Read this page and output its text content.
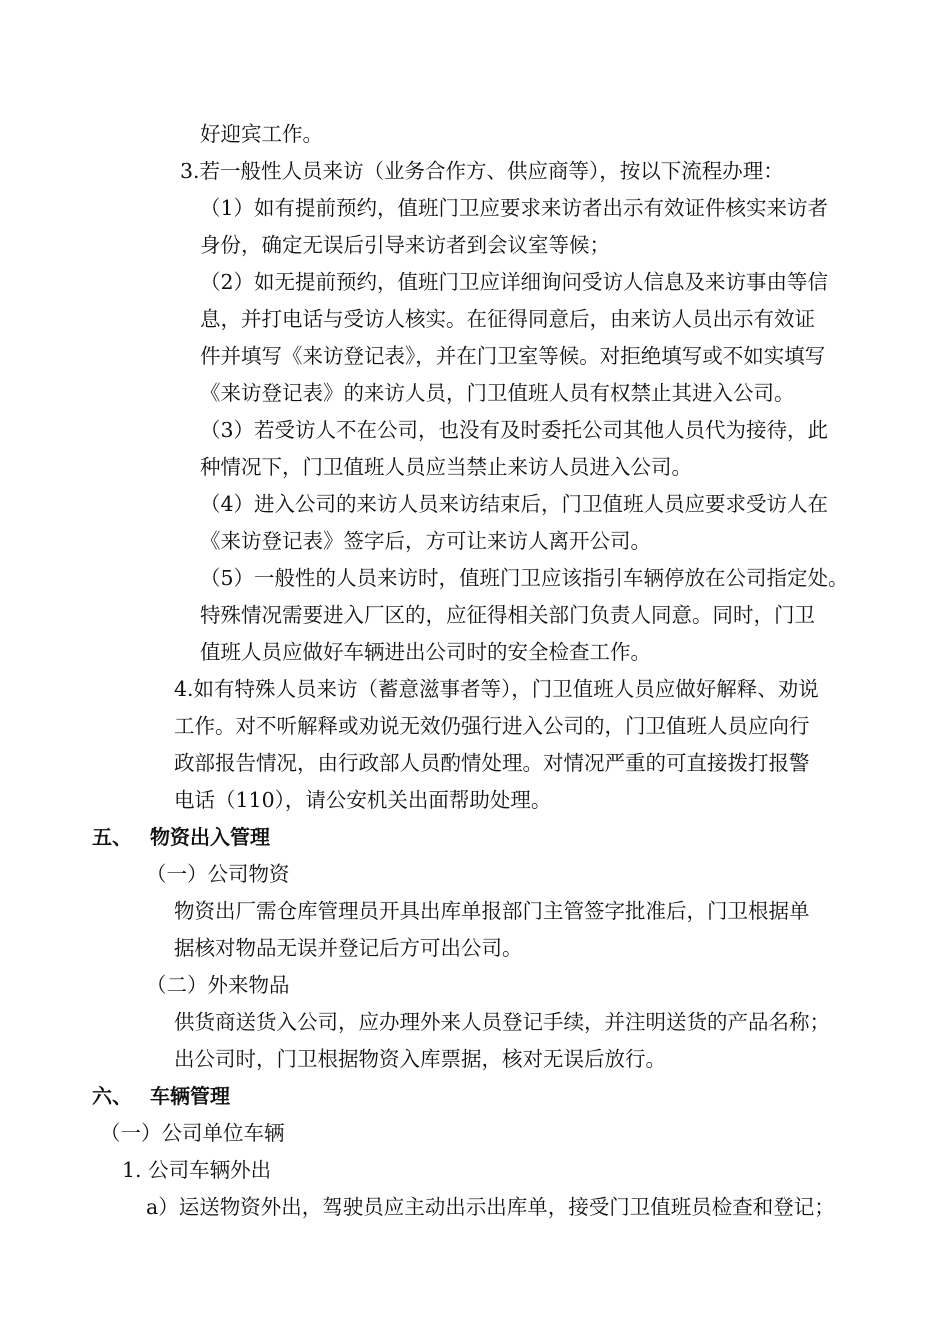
好迎宾工作。
3.若一般性人员来访（业务合作方、供应商等），按以下流程办理：
（1）如有提前预约，值班门卫应要求来访者出示有效证件核实来访者
身份，确定无误后引导来访者到会议室等候；
（2）如无提前预约，值班门卫应详细询问受访人信息及来访事由等信
息，并打电话与受访人核实。在征得同意后，由来访人员出示有效证
件并填写《来访登记表》，并在门卫室等候。对拒绝填写或不如实填写
《来访登记表》的来访人员，门卫值班人员有权禁止其进入公司。
（3）若受访人不在公司，也没有及时委托公司其他人员代为接待，此
种情况下，门卫值班人员应当禁止来访人员进入公司。
（4）进入公司的来访人员来访结束后，门卫值班人员应要求受访人在
《来访登记表》签字后，方可让来访人离开公司。
（5）一般性的人员来访时，值班门卫应该指引车辆停放在公司指定处。
特殊情况需要进入厂区的，应征得相关部门负责人同意。同时，门卫
值班人员应做好车辆进出公司时的安全检查工作。
4.如有特殊人员来访（蓄意滋事者等），门卫值班人员应做好解释、劝说
工作。对不听解释或劝说无效仍强行进入公司的，门卫值班人员应向行
政部报告情况，由行政部人员酌情处理。对情况严重的可直接拨打报警
电话（110），请公安机关出面帮助处理。
五、 物资出入管理
（一）公司物资
物资出厂需仓库管理员开具出库单报部门主管签字批准后，门卫根据单
据核对物品无误并登记后方可出公司。
（二）外来物品
供货商送货入公司，应办理外来人员登记手续，并注明送货的产品名称；
出公司时，门卫根据物资入库票据，核对无误后放行。
六、 车辆管理
（一）公司单位车辆
1. 公司车辆外出
a）运送物资外出，驾驶员应主动出示出库单，接受门卫值班员检查和登记；
